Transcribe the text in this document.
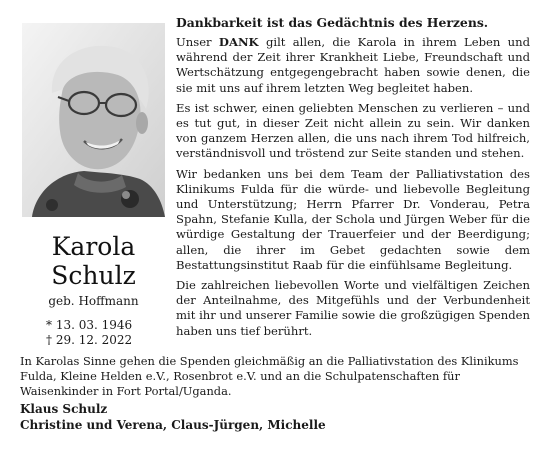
Karola
Schulz
geb. Hoffmann
* 13. 03. 1946
† 29. 12. 2022
Dankbarkeit ist das Gedächtnis des Herzens.
Unser DANK gilt allen, die Karola in ihrem Leben und während der Zeit ihrer Krankheit Liebe, Freundschaft und Wertschätzung entgegengebracht haben sowie denen, die sie mit uns auf ihrem letzten Weg begleitet haben.
Es ist schwer, einen geliebten Menschen zu verlieren – und es tut gut, in dieser Zeit nicht allein zu sein. Wir danken von ganzem Herzen allen, die uns nach ihrem Tod hilfreich, verständnisvoll und tröstend zur Seite standen und stehen.
Wir bedanken uns bei dem Team der Palliativstation des Klinikums Fulda für die würde- und liebevolle Begleitung und Unterstützung; Herrn Pfarrer Dr. Vonderau, Petra Spahn, Stefanie Kulla, der Schola und Jürgen Weber für die würdige Gestaltung der Trauerfeier und der Beerdigung; allen, die ihrer im Gebet gedachten sowie dem Bestattungsinstitut Raab für die einfühlsame Begleitung.
Die zahlreichen liebevollen Worte und vielfältigen Zeichen der Anteilnahme, des Mitgefühls und der Verbundenheit mit ihr und unserer Familie sowie die großzügigen Spenden haben uns tief berührt.
In Karolas Sinne gehen die Spenden gleichmäßig an die Palliativstation des Klinikums Fulda, Kleine Helden e.V., Rosenbrot e.V. und an die Schulpatenschaften für Waisenkinder in Fort Portal/Uganda.
Klaus Schulz
Christine und Verena, Claus-Jürgen, Michelle
